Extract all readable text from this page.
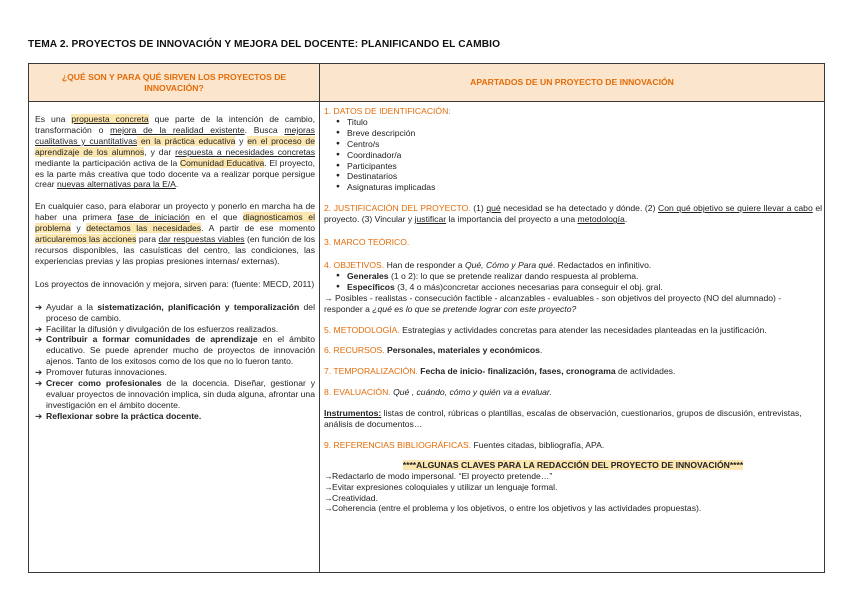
TEMA 2. PROYECTOS DE INNOVACIÓN Y MEJORA DEL DOCENTE: PLANIFICANDO EL CAMBIO
¿QUÉ SON Y PARA QUÉ SIRVEN LOS PROYECTOS DE INNOVACIÓN?
APARTADOS DE UN PROYECTO DE INNOVACIÓN

Es una propuesta concreta que parte de la intención de cambio, transformación o mejora de la realidad existente. Busca mejoras cualitativas y cuantitativas en la práctica educativa y en el proceso de aprendizaje de los alumnos, y dar respuesta a necesidades concretas mediante la participación activa de la Comunidad Educativa. El proyecto, es la parte más creativa que todo docente va a realizar porque persigue crear nuevas alternativas para la E/A.

En cualquier caso, para elaborar un proyecto y ponerlo en marcha ha de haber una primera fase de iniciación en el que diagnosticamos el problema y detectamos las necesidades. A partir de ese momento articularemos las acciones para dar respuestas viables (en función de los recursos disponibles, las casuísticas del centro, las condiciones, las experiencias previas y las propias presiones internas/ externas).

Los proyectos de innovación y mejora, sirven para: (fuente: MECD, 2011)

➔ Ayudar a la sistematización, planificación y temporalización del proceso de cambio.
➔ Facilitar la difusión y divulgación de los esfuerzos realizados.
➔ Contribuir a formar comunidades de aprendizaje en el ámbito educativo. Se puede aprender mucho de proyectos de innovación ajenos. Tanto de los exitosos como de los que no lo fueron tanto.
➔ Promover futuras innovaciones.
➔ Crecer como profesionales de la docencia. Diseñar, gestionar y evaluar proyectos de innovación implica, sin duda alguna, afrontar una investigación en el ámbito docente.
➔ Reflexionar sobre la práctica docente.

1. DATOS DE IDENTIFICACIÓN:

● Titulo
● Breve descripción
● Centro/s
● Coordinador/a
● Participantes
● Destinatarios
● Asignaturas implicadas

2. JUSTIFICACIÓN DEL PROYECTO. (1) qué necesidad se ha detectado y dónde. (2) Con qué objetivo se quiere llevar a cabo el proyecto. (3) Vincular y justificar la importancia del proyecto a una metodología.

3. MARCO TEÓRICO.

4. OBJETIVOS. Han de responder a Qué, Cómo y Para qué. Redactados en infinitivo.

● Generales (1 o 2): lo que se pretende realizar dando respuesta al problema.
● Específicos (3, 4 o más)concretar acciones necesarias para conseguir el obj. gral.

→ Posibles - realistas - consecución factible - alcanzables - evaluables - son objetivos del proyecto (NO del alumnado) - responder a ¿qué es lo que se pretende lograr con este proyecto?

5. METODOLOGÍA. Estrategias y actividades concretas para atender las necesidades planteadas en la justificación.

6. RECURSOS. Personales, materiales y económicos.

7. TEMPORALIZACIÓN. Fecha de inicio- finalización, fases, cronograma de actividades.

8. EVALUACIÓN. Qué , cuándo, cómo y quién va a evaluar.

Instrumentos: listas de control, rúbricas o plantillas, escalas de observación, cuestionarios, grupos de discusión, entrevistas, análisis de documentos…

9. REFERENCIAS BIBLIOGRÁFICAS. Fuentes citadas, bibliografía, APA.

****ALGUNAS CLAVES PARA LA REDACCIÓN DEL PROYECTO DE INNOVACIÓN****

→ Redactarlo de modo impersonal. “El proyecto pretende…”
→ Evitar expresiones coloquiales y utilizar un lenguaje formal.
→ Creatividad.
→ Coherencia (entre el problema y los objetivos, o entre los objetivos y las actividades propuestas).
